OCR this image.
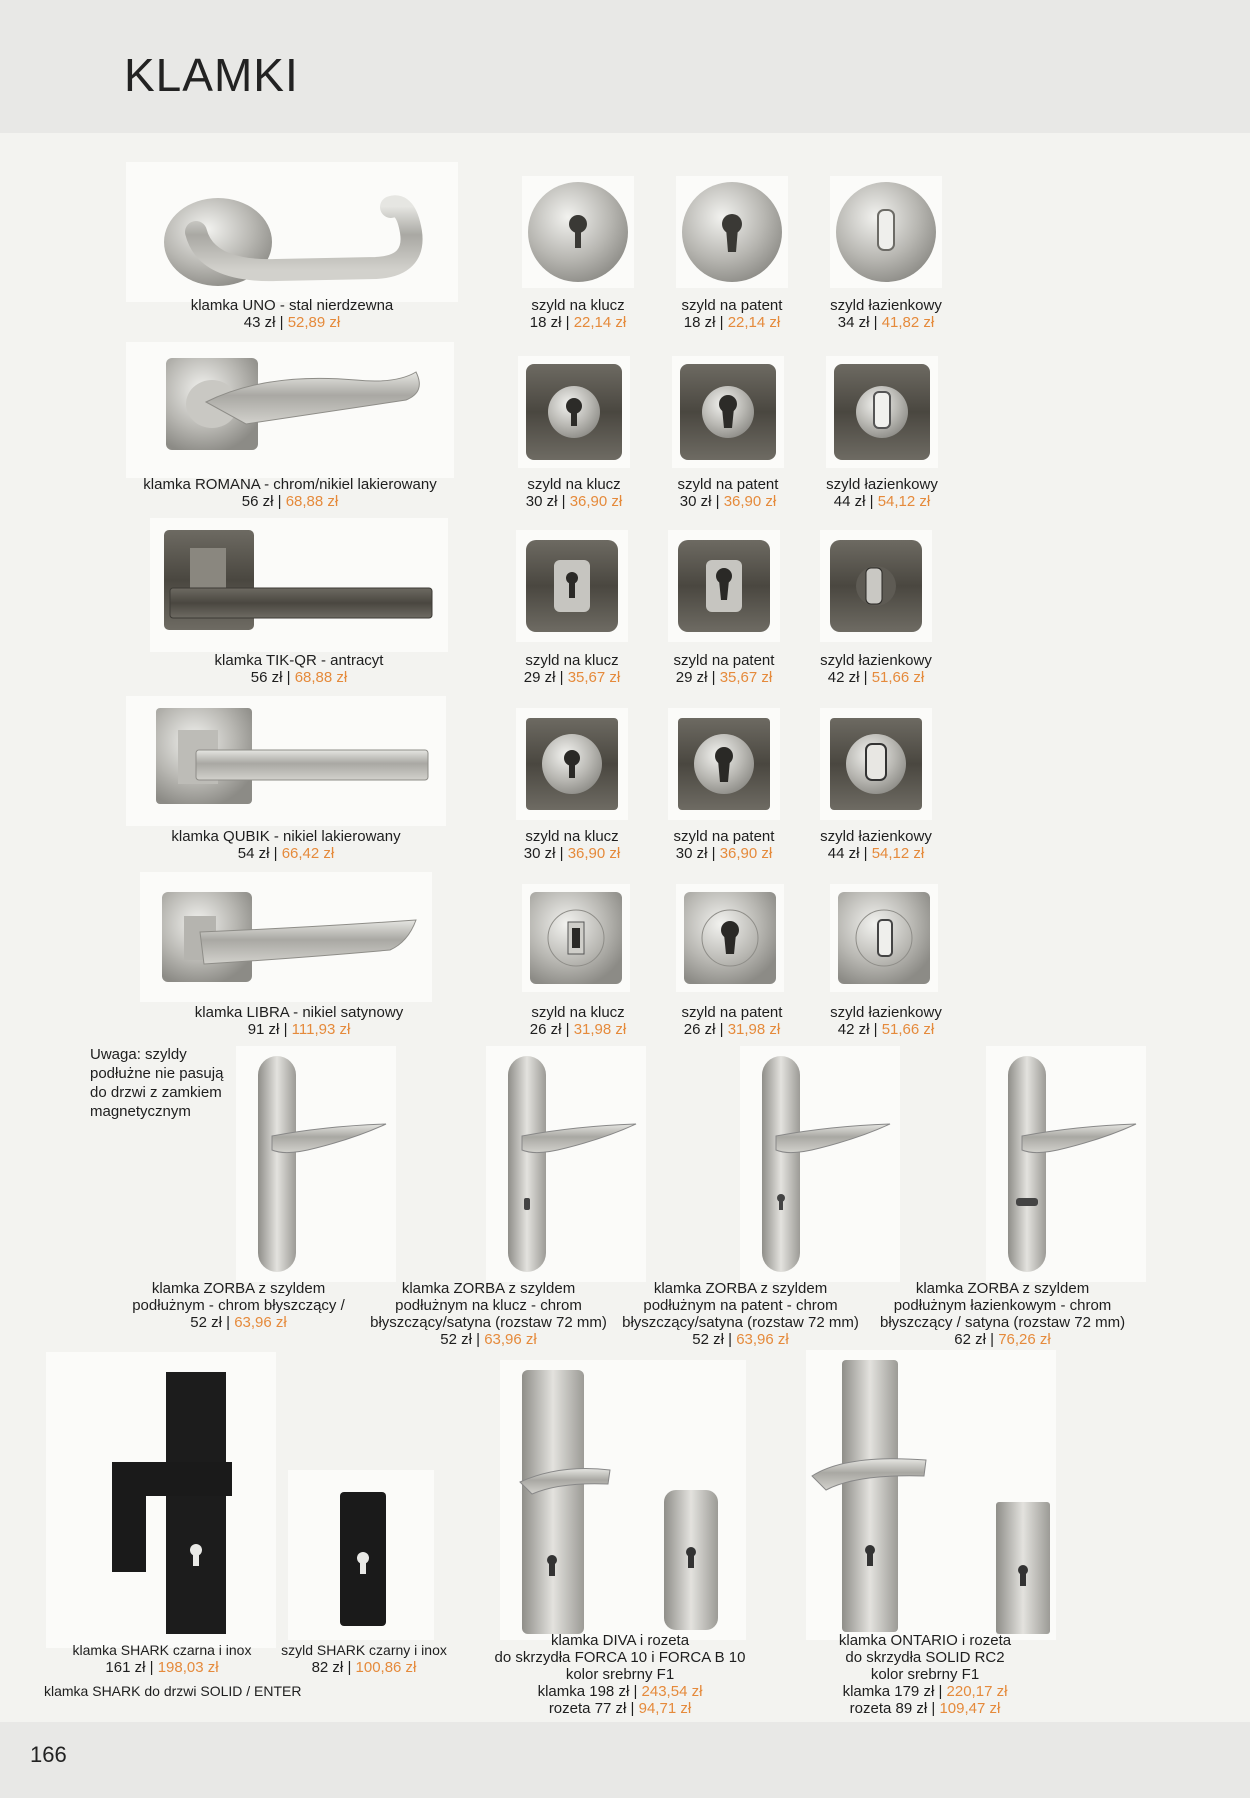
KLAMKI
klamka UNO - stal nierdzewna
43 zł | 52,89 zł
szyld na klucz
18 zł | 22,14 zł
szyld na patent
18 zł | 22,14 zł
szyld łazienkowy
34 zł | 41,82 zł
klamka ROMANA - chrom/nikiel lakierowany
56 zł | 68,88 zł
szyld na klucz
30 zł | 36,90 zł
szyld na patent
30 zł | 36,90 zł
szyld łazienkowy
44 zł | 54,12 zł
klamka TIK-QR - antracyt
56 zł | 68,88 zł
szyld na klucz
29 zł | 35,67 zł
szyld na patent
29 zł | 35,67 zł
szyld łazienkowy
42 zł | 51,66 zł
klamka QUBIK - nikiel lakierowany
54 zł | 66,42 zł
szyld na klucz
30 zł | 36,90 zł
szyld na patent
30 zł | 36,90 zł
szyld łazienkowy
44 zł | 54,12 zł
klamka LIBRA - nikiel satynowy
91 zł | 111,93 zł
szyld na klucz
26 zł | 31,98 zł
szyld na patent
26 zł | 31,98 zł
szyld łazienkowy
42 zł | 51,66 zł
Uwaga: szyldy
podłużne nie pasują
do drzwi z zamkiem
magnetycznym
klamka ZORBA z szyldem
podłużnym - chrom błyszczący /
52 zł | 63,96 zł
klamka ZORBA z szyldem
podłużnym na klucz - chrom
błyszczący/satyna (rozstaw 72 mm)
52 zł | 63,96 zł
klamka ZORBA z szyldem
podłużnym na patent - chrom
błyszczący/satyna (rozstaw 72 mm)
52 zł | 63,96 zł
klamka ZORBA z szyldem
podłużnym łazienkowym - chrom
błyszczący / satyna (rozstaw 72 mm)
62 zł | 76,26 zł
klamka SHARK czarna i inox
161 zł | 198,03 zł
szyld SHARK czarny i inox
82 zł | 100,86 zł
klamka SHARK do drzwi SOLID / ENTER
klamka DIVA i rozeta
do skrzydła FORCA 10 i FORCA B 10
kolor srebrny F1
klamka 198 zł | 243,54 zł
rozeta 77 zł | 94,71 zł
klamka ONTARIO i rozeta
do skrzydła SOLID RC2
kolor srebrny F1
klamka 179 zł | 220,17 zł
rozeta 89 zł | 109,47 zł
166
